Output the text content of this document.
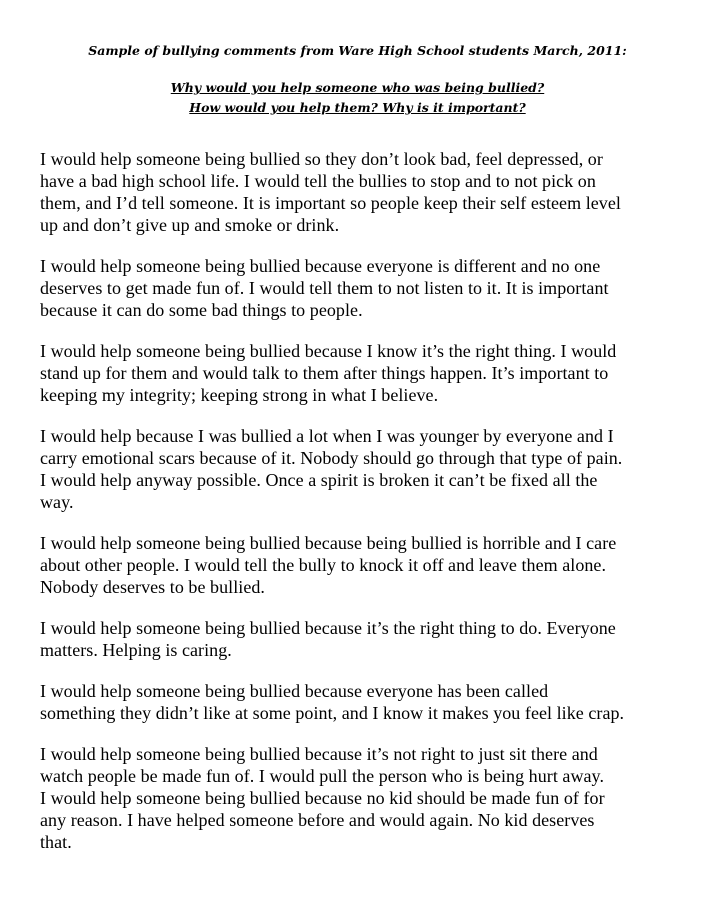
Sample of bullying comments from Ware High School students March, 2011:
Why would you help someone who was being bullied?
How would you help them? Why is it important?

I would help someone being bullied so they don’t look bad, feel depressed, or
have a bad high school life. I would tell the bullies to stop and to not pick on
them, and I’d tell someone. It is important so people keep their self esteem level
up and don’t give up and smoke or drink.

I would help someone being bullied because everyone is different and no one
deserves to get made fun of. I would tell them to not listen to it. It is important
because it can do some bad things to people.

I would help someone being bullied because I know it’s the right thing. I would
stand up for them and would talk to them after things happen. It’s important to
keeping my integrity; keeping strong in what I believe.

I would help because I was bullied a lot when I was younger by everyone and I
carry emotional scars because of it. Nobody should go through that type of pain.
I would help anyway possible. Once a spirit is broken it can’t be fixed all the
way.

I would help someone being bullied because being bullied is horrible and I care
about other people. I would tell the bully to knock it off and leave them alone.
Nobody deserves to be bullied.

I would help someone being bullied because it’s the right thing to do. Everyone
matters. Helping is caring.

I would help someone being bullied because everyone has been called
something they didn’t like at some point, and I know it makes you feel like crap.

I would help someone being bullied because it’s not right to just sit there and
watch people be made fun of. I would pull the person who is being hurt away.
I would help someone being bullied because no kid should be made fun of for
any reason. I have helped someone before and would again. No kid deserves
that.
